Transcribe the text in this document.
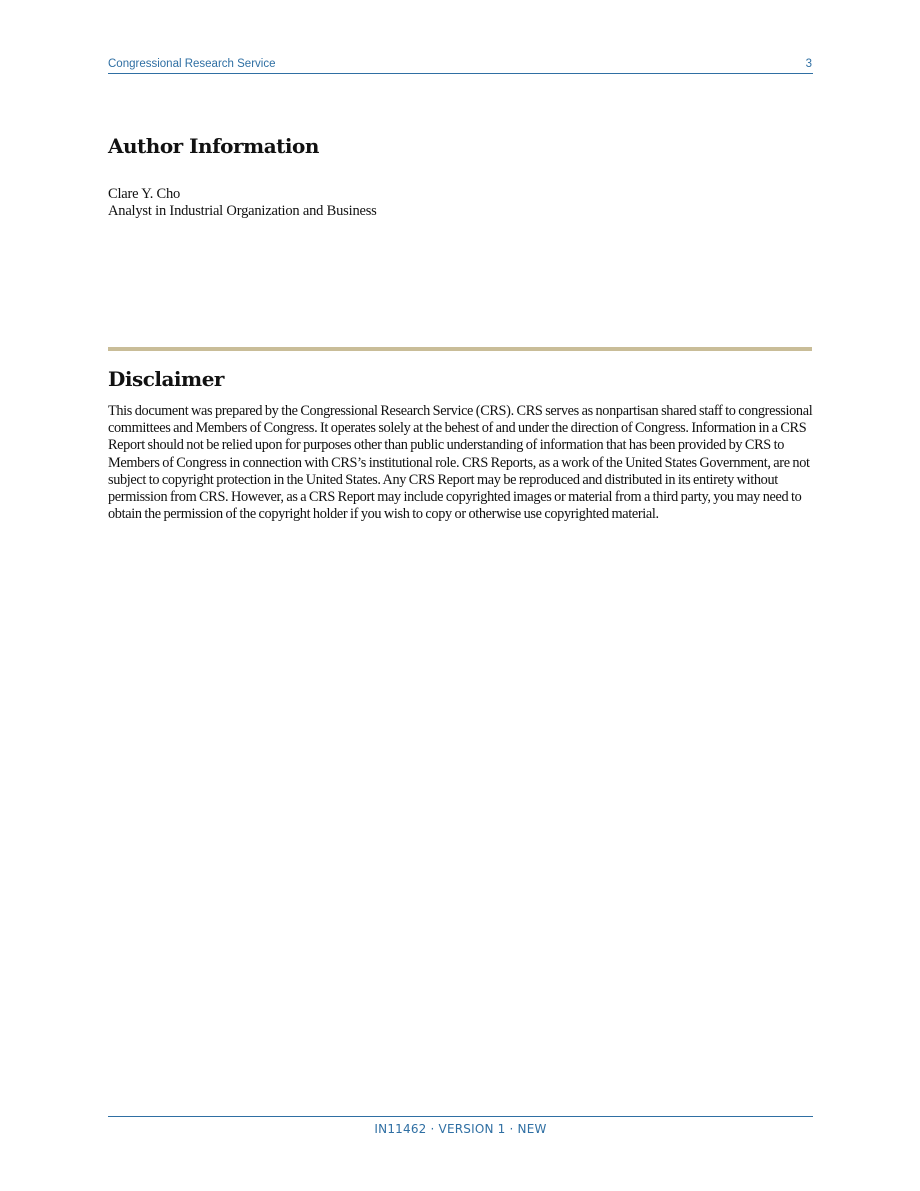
Congressional Research Service	3
Author Information
Clare Y. Cho
Analyst in Industrial Organization and Business
Disclaimer

This document was prepared by the Congressional Research Service (CRS). CRS serves as nonpartisan shared staff to congressional committees and Members of Congress. It operates solely at the behest of and under the direction of Congress. Information in a CRS Report should not be relied upon for purposes other than public understanding of information that has been provided by CRS to Members of Congress in connection with CRS’s institutional role. CRS Reports, as a work of the United States Government, are not subject to copyright protection in the United States. Any CRS Report may be reproduced and distributed in its entirety without permission from CRS. However, as a CRS Report may include copyrighted images or material from a third party, you may need to obtain the permission of the copyright holder if you wish to copy or otherwise use copyrighted material.

IN11462 · VERSION 1 · NEW
